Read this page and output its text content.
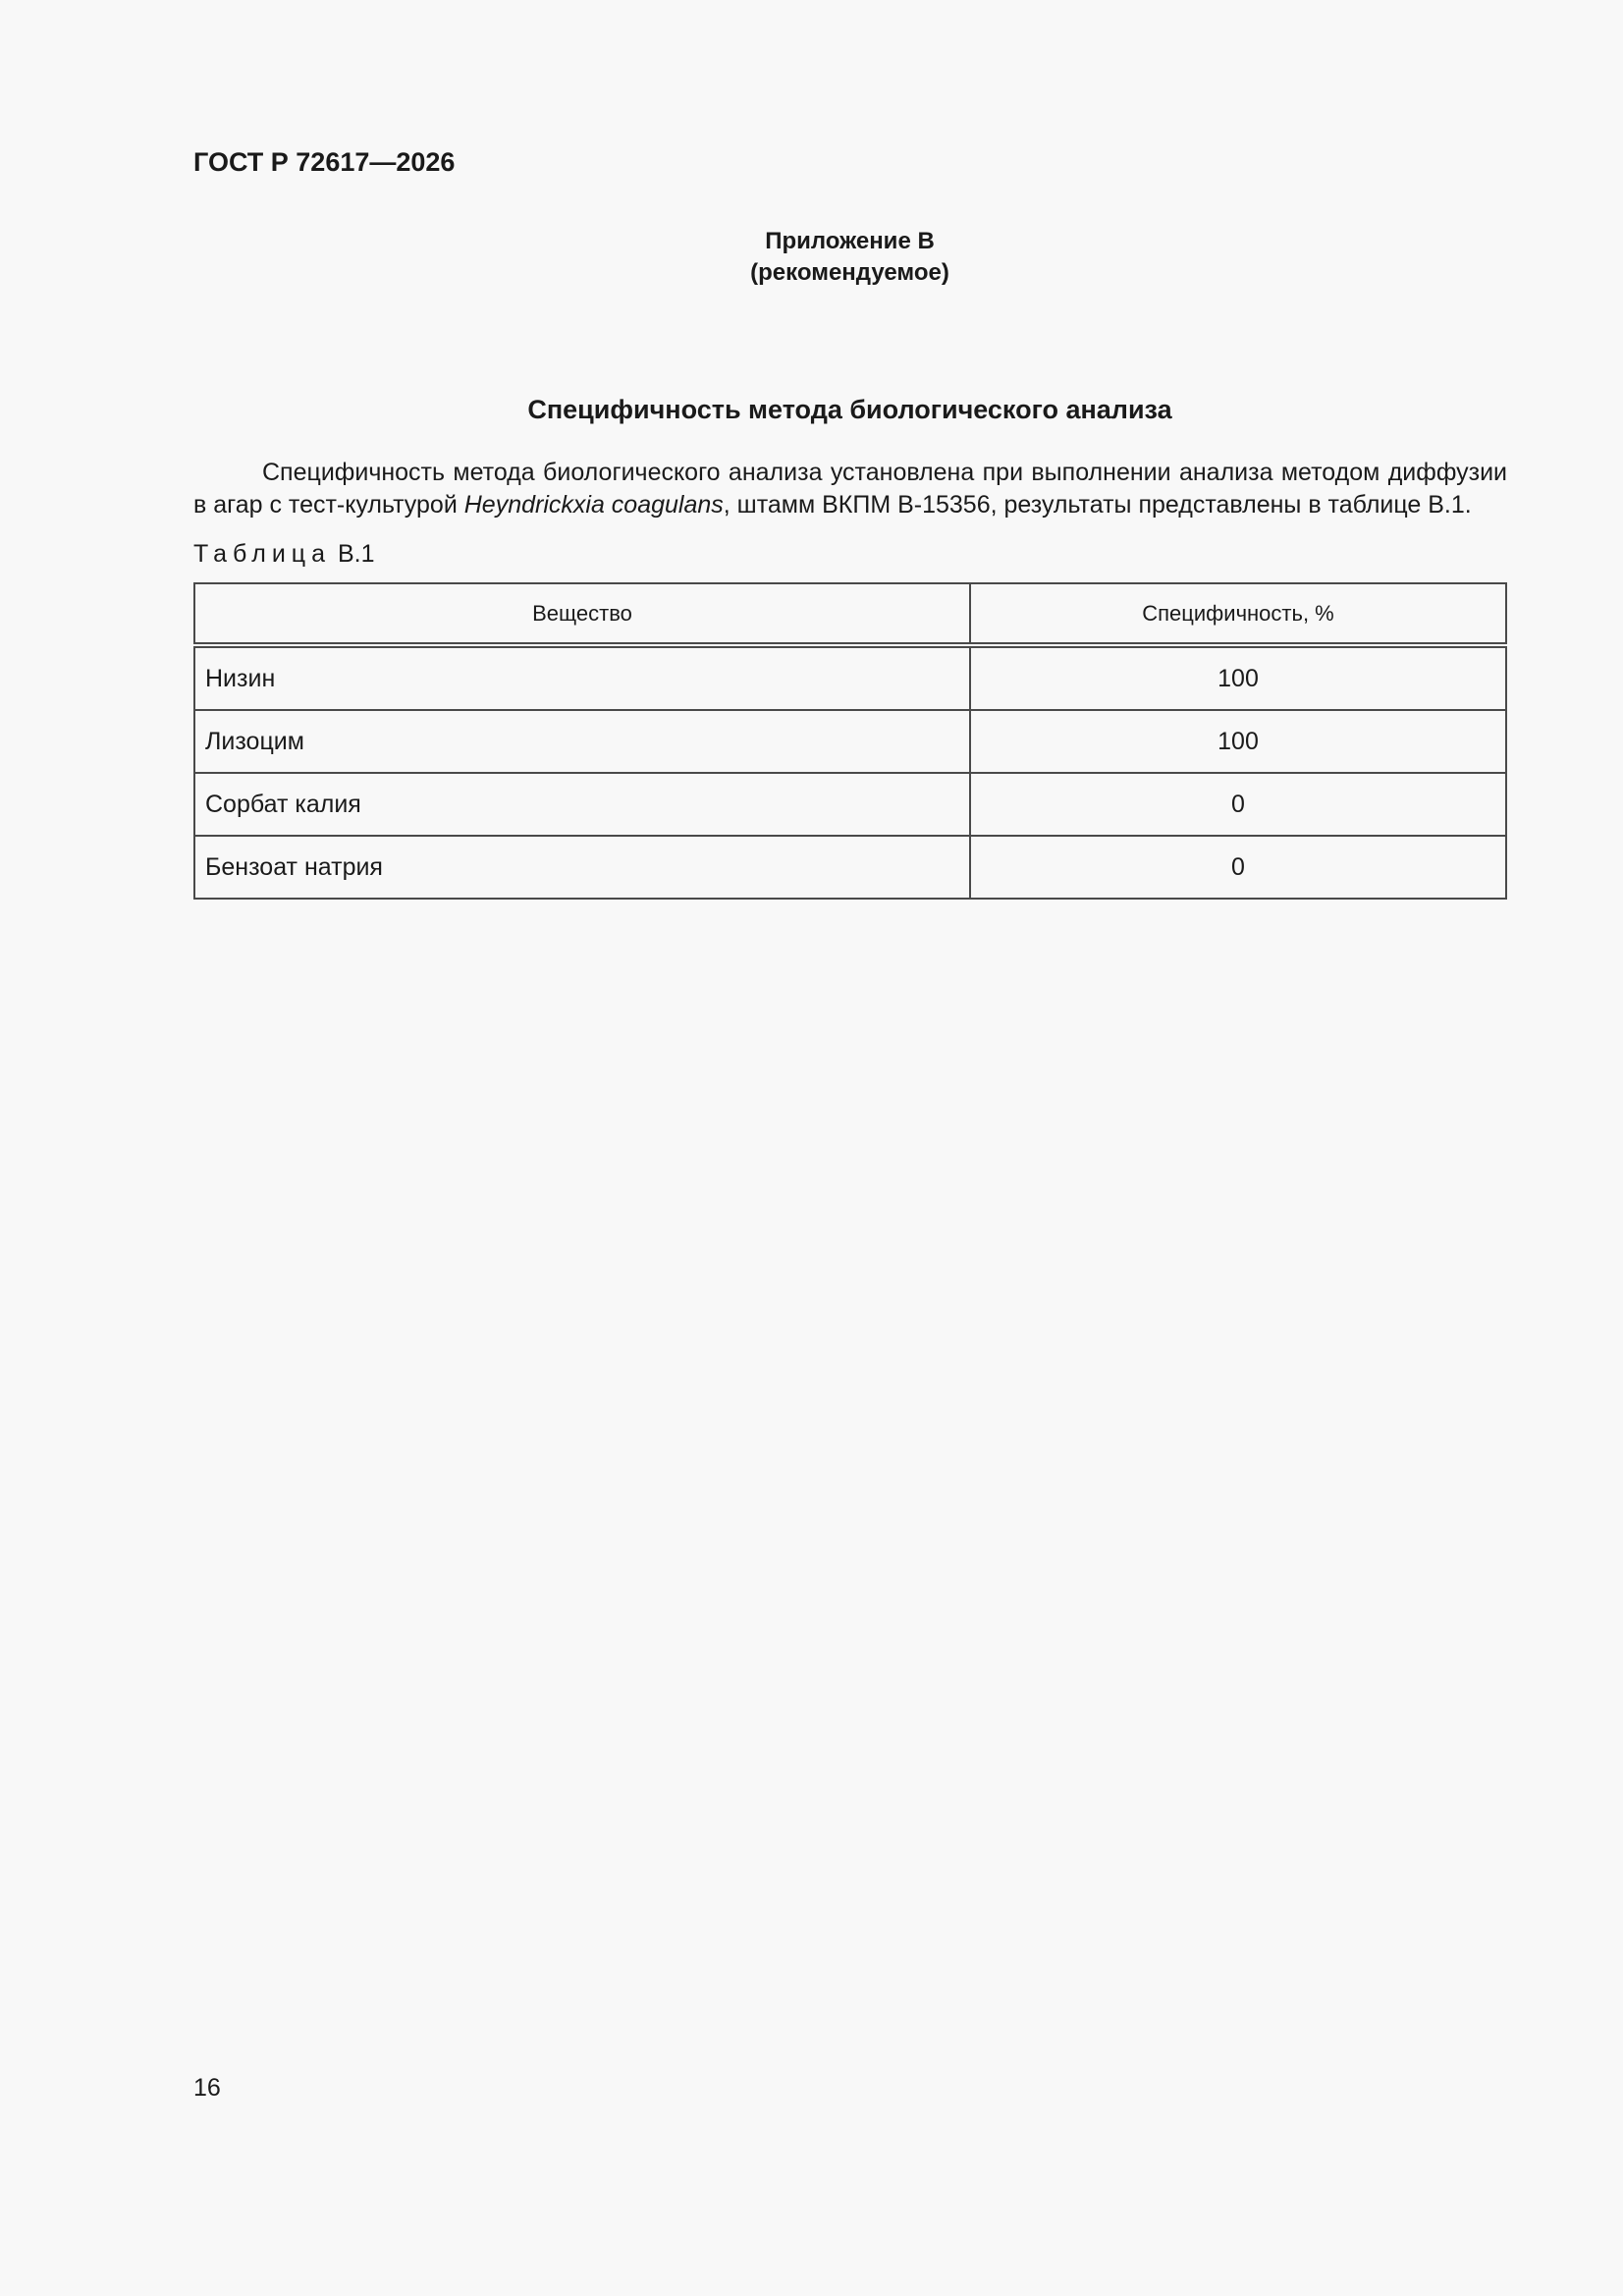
ГОСТ Р 72617—2026
Приложение В
(рекомендуемое)
Специфичность метода биологического анализа

Специфичность метода биологического анализа установлена при выполнении анализа методом диффузии в агар с тест-культурой Heyndrickxia coagulans, штамм ВКПМ В-15356, результаты представлены в таблице В.1.

Таблица В.1
Вещество	Специфичность, %
Низин	100
Лизоцим	100
Сорбат калия	0
Бензоат натрия	0
16
